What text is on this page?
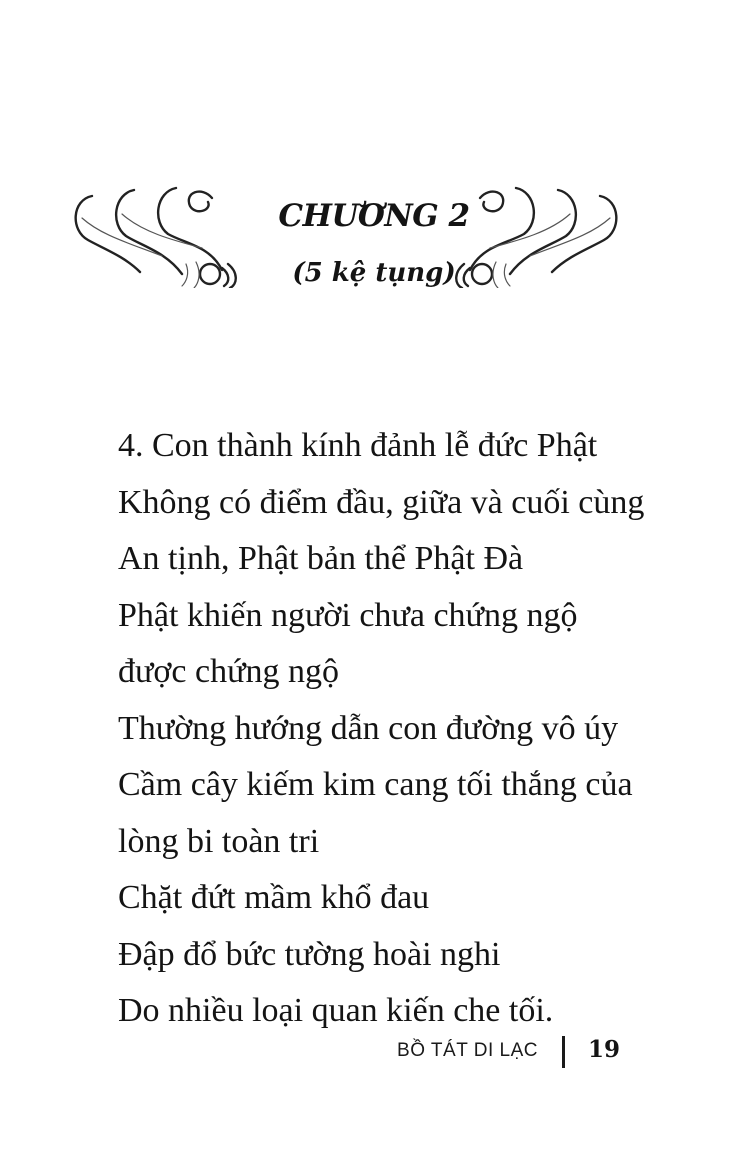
CHƯƠNG 2
(5 kệ tụng)
4. Con thành kính đảnh lễ đức Phật
Không có điểm đầu, giữa và cuối cùng
An tịnh, Phật bản thể Phật Đà
Phật khiến người chưa chứng ngộ
được chứng ngộ
Thường hướng dẫn con đường vô úy
Cầm cây kiếm kim cang tối thắng của
lòng bi toàn tri
Chặt đứt mầm khổ đau
Đập đổ bức tường hoài nghi
Do nhiều loại quan kiến che tối.
BỒ TÁT DI LẠC 19
